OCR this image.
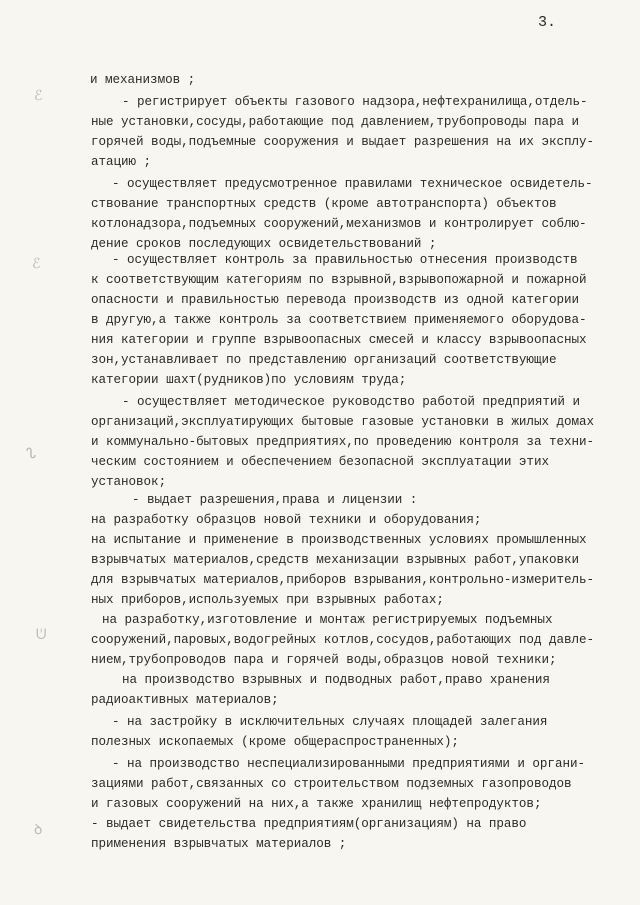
3.
ℰ
ℰ
ᔐ
ᕫ
ꝺ
и механизмов ;
- регистрирует объекты газового надзора,нефтехранилища,отдель-
ные установки,сосуды,работающие под давлением,трубопроводы пара и
горячей воды,подъемные сооружения и выдает разрешения на их эксплу-
атацию ;
- осуществляет предусмотренное правилами техническое освидетель-
ствование транспортных средств (кроме автотранспорта) объектов
котлонадзора,подъемных сооружений,механизмов и контролирует соблю-
дение сроков последующих освидетельствований ;
- осуществляет контроль за правильностью отнесения производств
к соответствующим категориям по взрывной,взрывопожарной и пожарной
опасности и правильностью перевода производств из одной категории
в другую,а также контроль за соответствием применяемого оборудова-
ния категории и группе взрывоопасных смесей и классу взрывоопасных
зон,устанавливает по представлению организаций соответствующие
категории шахт(рудников)по условиям труда;
- осуществляет методическое руководство работой предприятий и
организаций,эксплуатирующих бытовые газовые установки в жилых домах
и коммунально-бытовых предприятиях,по проведению контроля за техни-
ческим состоянием и обеспечением безопасной эксплуатации этих
установок;
- выдает разрешения,права и лицензии :
на разработку образцов новой техники и оборудования;
на испытание и применение в производственных условиях промышленных
взрывчатых материалов,средств механизации взрывных работ,упаковки
для взрывчатых материалов,приборов взрывания,контрольно-измеритель-
ных приборов,используемых при взрывных работах;
на разработку,изготовление и монтаж регистрируемых подъемных
сооружений,паровых,водогрейных котлов,сосудов,работающих под давле-
нием,трубопроводов пара и горячей воды,образцов новой техники;
на производство взрывных и подводных работ,право хранения
радиоактивных материалов;
- на застройку в исключительных случаях площадей залегания
полезных ископаемых (кроме общераспространенных);
- на производство неспециализированными предприятиями и органи-
зациями работ,связанных со строительством подземных газопроводов
и газовых сооружений на них,а также хранилищ нефтепродуктов;
- выдает свидетельства предприятиям(организациям) на право
применения взрывчатых материалов ;
